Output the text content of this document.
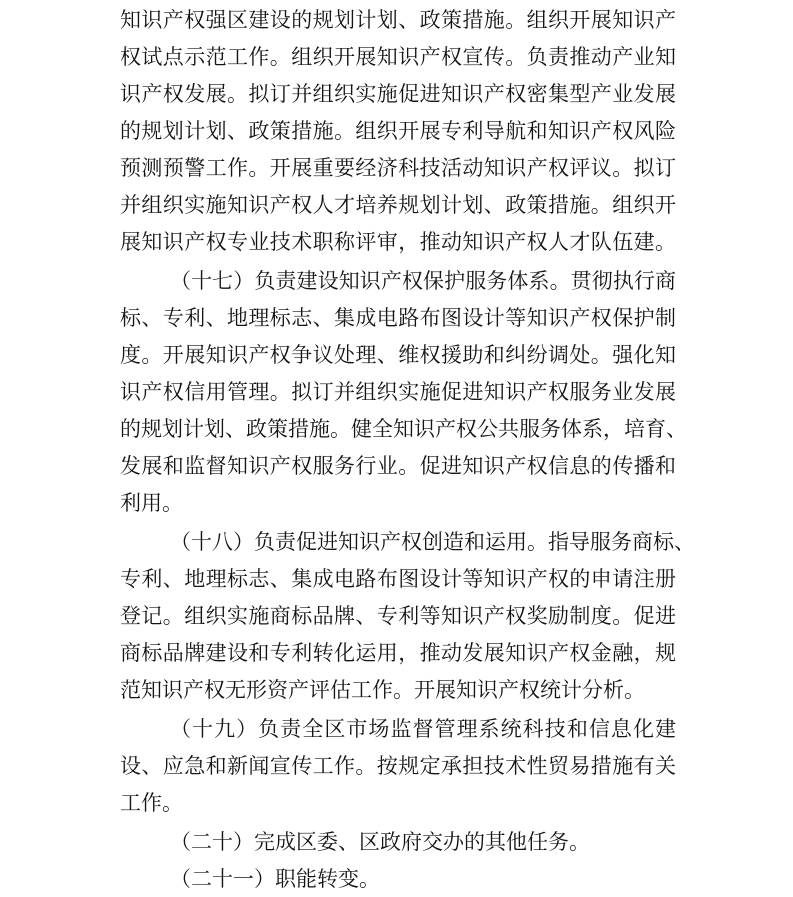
知识产权强区建设的规划计划、政策措施。组织开展知识产
权试点示范工作。组织开展知识产权宣传。负责推动产业知
识产权发展。拟订并组织实施促进知识产权密集型产业发展
的规划计划、政策措施。组织开展专利导航和知识产权风险
预测预警工作。开展重要经济科技活动知识产权评议。拟订
并组织实施知识产权人才培养规划计划、政策措施。组织开
展知识产权专业技术职称评审，推动知识产权人才队伍建。
（十七）负责建设知识产权保护服务体系。贯彻执行商
标、专利、地理标志、集成电路布图设计等知识产权保护制
度。开展知识产权争议处理、维权援助和纠纷调处。强化知
识产权信用管理。拟订并组织实施促进知识产权服务业发展
的规划计划、政策措施。健全知识产权公共服务体系，培育、
发展和监督知识产权服务行业。促进知识产权信息的传播和
利用。
（十八）负责促进知识产权创造和运用。指导服务商标、
专利、地理标志、集成电路布图设计等知识产权的申请注册
登记。组织实施商标品牌、专利等知识产权奖励制度。促进
商标品牌建设和专利转化运用，推动发展知识产权金融，规
范知识产权无形资产评估工作。开展知识产权统计分析。
（十九）负责全区市场监督管理系统科技和信息化建
设、应急和新闻宣传工作。按规定承担技术性贸易措施有关
工作。
（二十）完成区委、区政府交办的其他任务。
（二十一）职能转变。
